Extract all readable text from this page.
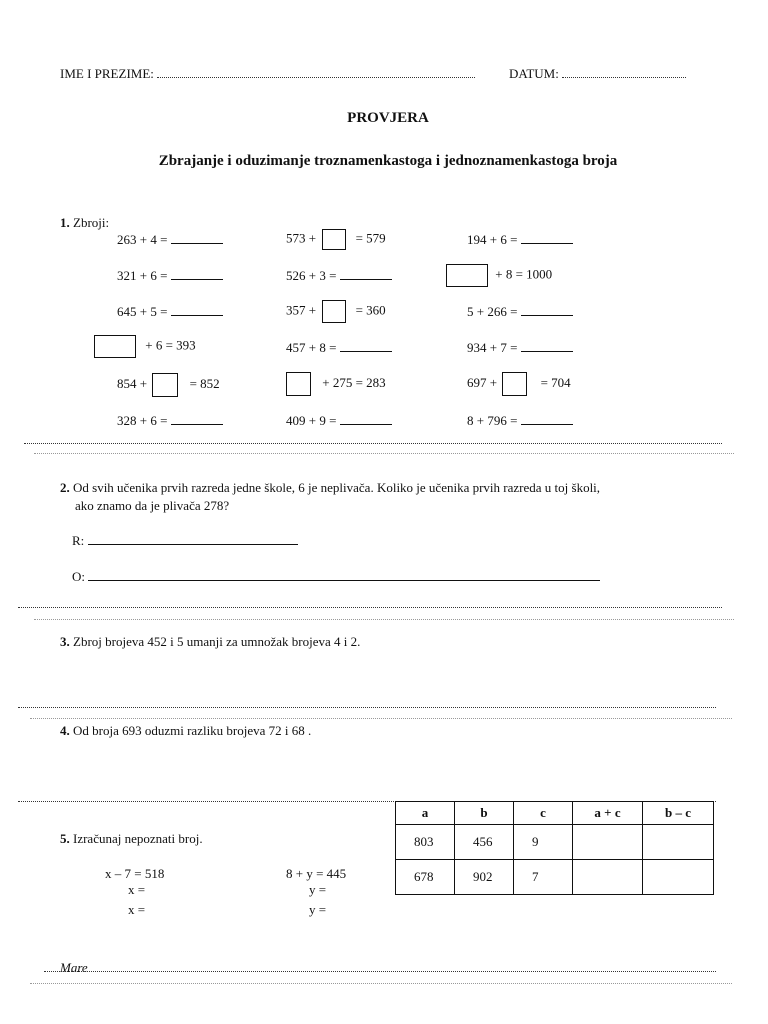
IME I PREZIME:	DATUM:
PROVJERA
Zbrajanje i oduzimanje troznamenkastoga i jednoznamenkastoga broja
1. Zbroji:
263 + 4 =	573 +	= 579	194 + 6 =
321 + 6 =	526 + 3 =	+ 8 = 1000
645 + 5 =	357 +	= 360	5 + 266 =
+ 6 = 393	457 + 8 =	934 + 7 =
854 +	= 852	+ 275 = 283	697 +	= 704
328 + 6 =	409 + 9 =	8 + 796 =
2. Od svih učenika prvih razreda jedne škole, 6 je neplivača. Koliko je učenika prvih razreda u toj školi,
ako znamo da je plivača 278?
R:
O:
3. Zbroj brojeva 452 i 5 umanji za umnožak brojeva 4 i 2.
4. Od broja 693 oduzmi razliku brojeva 72 i 68 .
5. Izračunaj nepoznati broj.
x – 7 = 518
x =
x =
8 + y = 445
y =
y =
a	b	c	a + c	b – c
803	456	9		
678	902	7		
Mare
